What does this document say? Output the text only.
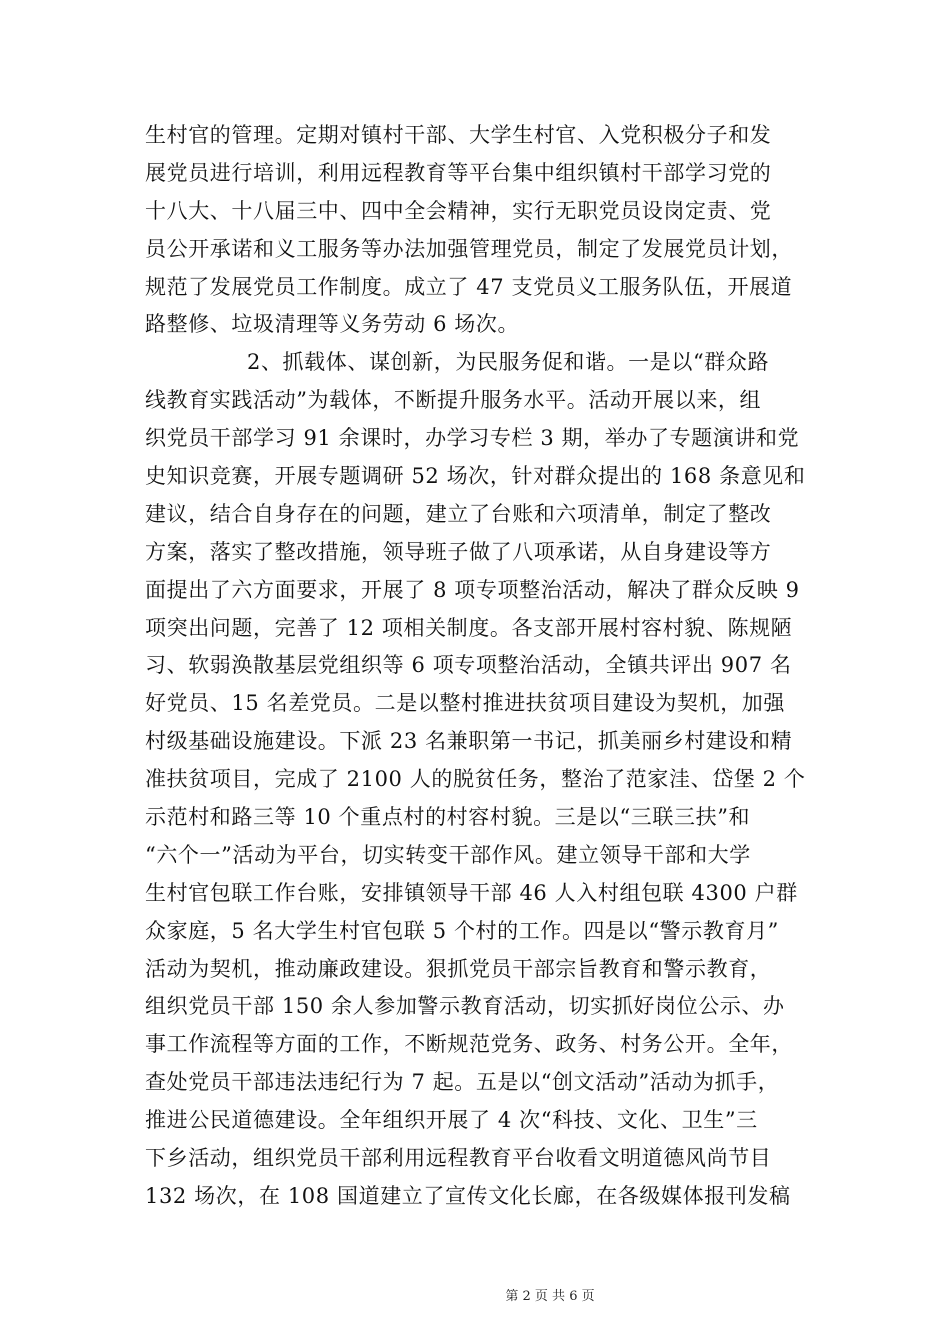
生村官的管理。定期对镇村干部、大学生村官、入党积极分子和发
展党员进行培训，利用远程教育等平台集中组织镇村干部学习党的
十八大、十八届三中、四中全会精神，实行无职党员设岗定责、党
员公开承诺和义工服务等办法加强管理党员，制定了发展党员计划，
规范了发展党员工作制度。成立了 47 支党员义工服务队伍，开展道
路整修、垃圾清理等义务劳动 6 场次。
2、抓载体、谋创新，为民服务促和谐。一是以“群众路
线教育实践活动”为载体，不断提升服务水平。活动开展以来，组
织党员干部学习 91 余课时，办学习专栏 3 期，举办了专题演讲和党
史知识竞赛，开展专题调研 52 场次，针对群众提出的 168 条意见和
建议，结合自身存在的问题，建立了台账和六项清单，制定了整改
方案，落实了整改措施，领导班子做了八项承诺，从自身建设等方
面提出了六方面要求，开展了 8 项专项整治活动，解决了群众反映 9
项突出问题，完善了 12 项相关制度。各支部开展村容村貌、陈规陋
习、软弱涣散基层党组织等 6 项专项整治活动，全镇共评出 907 名
好党员、15 名差党员。二是以整村推进扶贫项目建设为契机，加强
村级基础设施建设。下派 23 名兼职第一书记，抓美丽乡村建设和精
准扶贫项目，完成了 2100 人的脱贫任务，整治了范家洼、岱堡 2 个
示范村和路三等 10 个重点村的村容村貌。三是以“三联三扶”和
“六个一”活动为平台，切实转变干部作风。建立领导干部和大学
生村官包联工作台账，安排镇领导干部 46 人入村组包联 4300 户群
众家庭，5 名大学生村官包联 5 个村的工作。四是以“警示教育月”
活动为契机，推动廉政建设。狠抓党员干部宗旨教育和警示教育，
组织党员干部 150 余人参加警示教育活动，切实抓好岗位公示、办
事工作流程等方面的工作，不断规范党务、政务、村务公开。全年，
查处党员干部违法违纪行为 7 起。五是以“创文活动”活动为抓手，
推进公民道德建设。全年组织开展了 4 次“科技、文化、卫生”三
下乡活动，组织党员干部利用远程教育平台收看文明道德风尚节目
132 场次，在 108 国道建立了宣传文化长廊，在各级媒体报刊发稿
第 2 页 共 6 页
